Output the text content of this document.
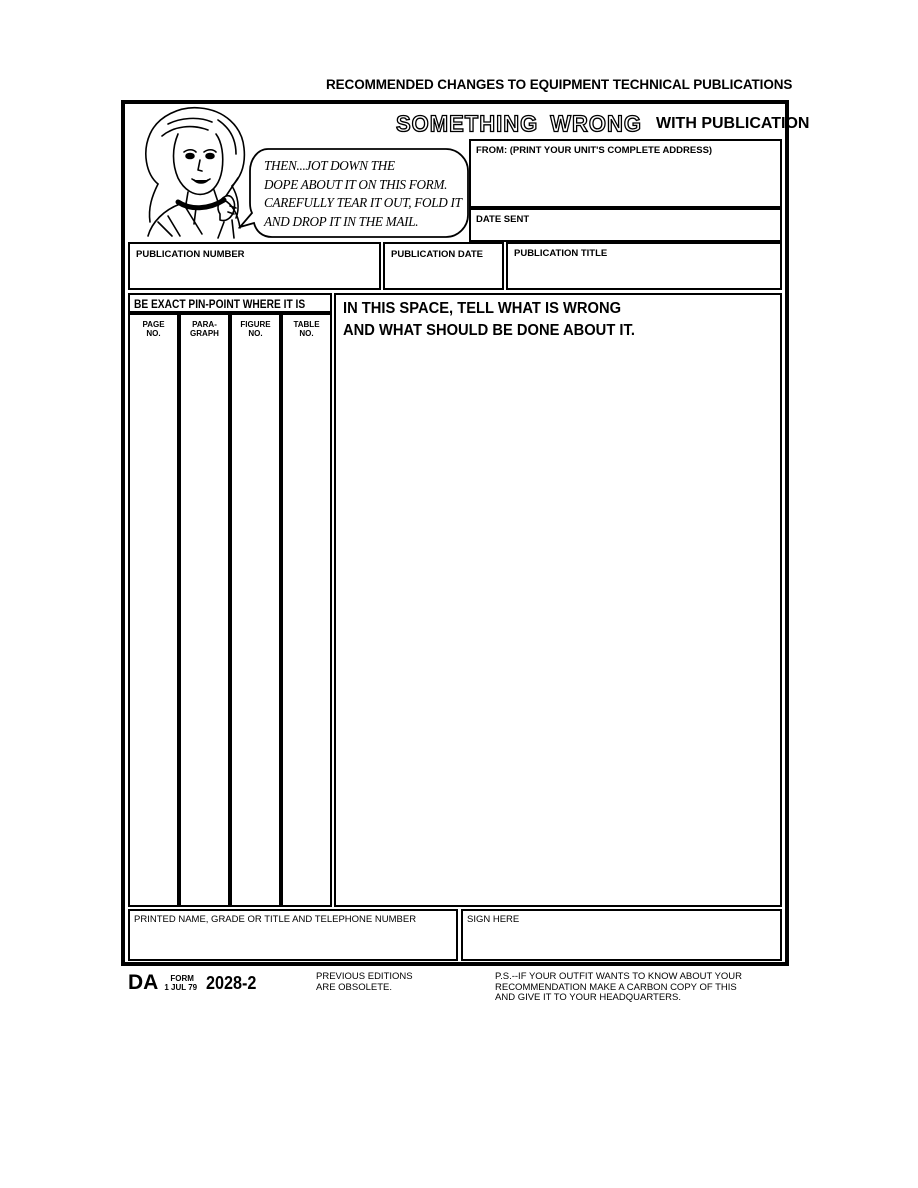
RECOMMENDED CHANGES TO EQUIPMENT TECHNICAL PUBLICATIONS
THEN...JOT DOWN THE
DOPE ABOUT IT ON THIS FORM.
CAREFULLY TEAR IT OUT, FOLD IT
AND DROP IT IN THE MAIL.
SOMETHING WRONG WITH PUBLICATION
FROM: (PRINT YOUR UNIT'S COMPLETE ADDRESS)
DATE SENT
PUBLICATION NUMBER	PUBLICATION DATE	PUBLICATION TITLE
BE EXACT PIN-POINT WHERE IT IS
PAGE
NO.
PARA-
GRAPH
FIGURE
NO.
TABLE
NO.
IN THIS SPACE, TELL WHAT IS WRONG
AND WHAT SHOULD BE DONE ABOUT IT.
PRINTED NAME, GRADE OR TITLE AND TELEPHONE NUMBER	SIGN HERE
DA FORM
1 JUL 79 2028-2	PREVIOUS EDITIONS
ARE OBSOLETE.
P.S.--IF YOUR OUTFIT WANTS TO KNOW ABOUT YOUR
RECOMMENDATION MAKE A CARBON COPY OF THIS
AND GIVE IT TO YOUR HEADQUARTERS.
